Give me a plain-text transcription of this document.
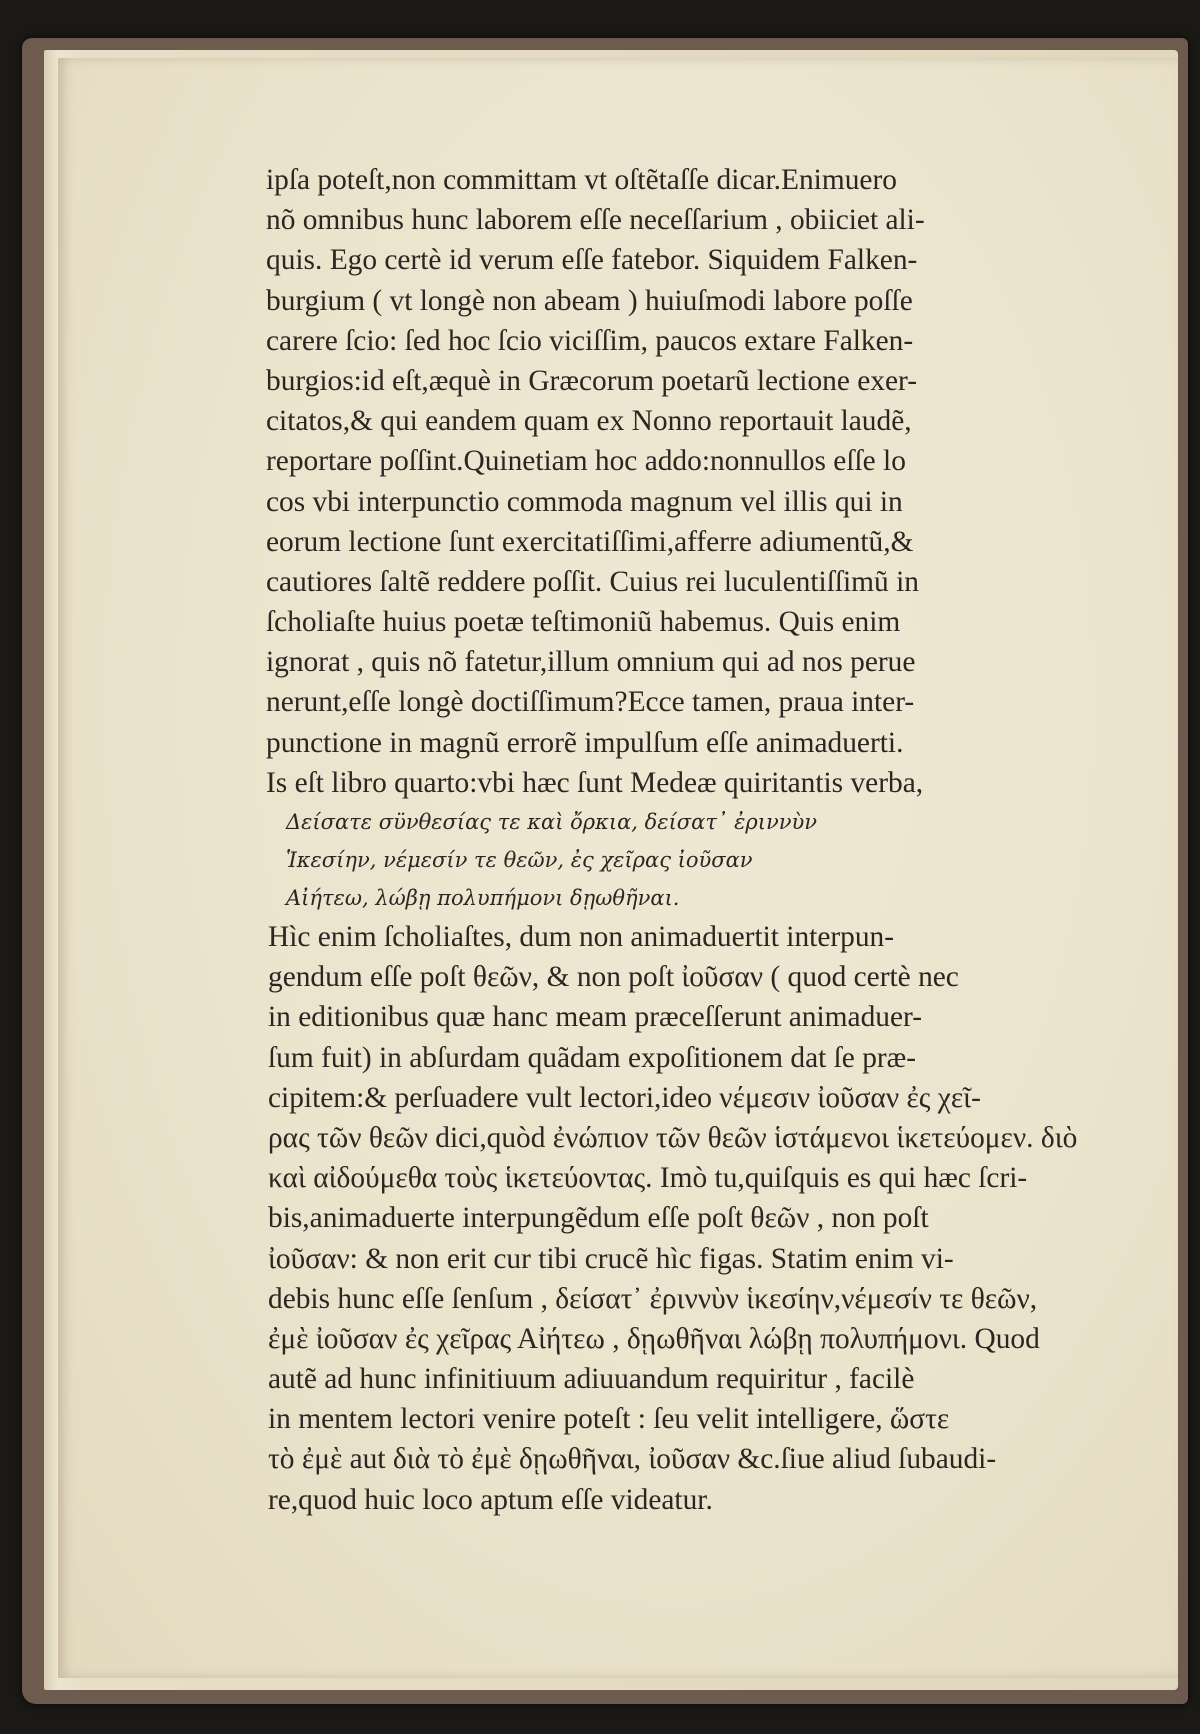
ipſa poteſt,non committam vt oſtẽtaſſe dicar.Enimuero
nõ omnibus hunc laborem eſſe neceſſarium , obiiciet ali-
quis. Ego certè id verum eſſe fatebor. Siquidem Falken-
burgium ( vt longè non abeam ) huiuſmodi labore poſſe
carere ſcio: ſed hoc ſcio viciſſim, paucos extare Falken-
burgios:id eſt,æquè in Græcorum poetarũ lectione exer-
citatos,& qui eandem quam ex Nonno reportauit laudẽ,
reportare poſſint.Quinetiam hoc addo:nonnullos eſſe lo
cos vbi interpunctio commoda magnum vel illis qui in
eorum lectione ſunt exercitatiſſimi,afferre adiumentũ,&
cautiores ſaltẽ reddere poſſit. Cuius rei luculentiſſimũ in
ſcholiaſte huius poetæ teſtimoniũ habemus. Quis enim
ignorat , quis nõ fatetur,illum omnium qui ad nos perue
nerunt,eſſe longè doctiſſimum?Ecce tamen, praua inter-
punctione in magnũ errorẽ impulſum eſſe animaduerti.
Is eſt libro quarto:vbi hæc ſunt Medeæ quiritantis verba,
Δείσατε σϋνθεσίας τε καὶ ὄρκια, δείσατ᾽ ἐριννὺν
Ἱκεσίην, νέμεσίν τε θεῶν, ἐς χεῖρας ἰοῦσαν
Αἰήτεω, λώβῃ πολυπήμονι δῃωθῆναι.
Hìc enim ſcholiaſtes, dum non animaduertit interpun-
gendum eſſe poſt θεῶν, & non poſt ἰοῦσαν ( quod certè nec
in editionibus quæ hanc meam præceſſerunt animaduer-
ſum fuit) in abſurdam quãdam expoſitionem dat ſe præ-
cipitem:& perſuadere vult lectori,ideo νέμεσιν ἰοῦσαν ἐς χεῖ-
ρας τῶν θεῶν dici,quòd ἐνώπιον τῶν θεῶν ἱστάμενοι ἱκετεύομεν. διὸ
καὶ αἰδούμεθα τοὺς ἱκετεύοντας. Imò tu,quiſquis es qui hæc ſcri-
bis,animaduerte interpungẽdum eſſe poſt θεῶν , non poſt
ἰοῦσαν: & non erit cur tibi crucẽ hìc figas. Statim enim vi-
debis hunc eſſe ſenſum , δείσατ᾽ ἐριννὺν ἱκεσίην,νέμεσίν τε θεῶν,
ἐμὲ ἰοῦσαν ἐς χεῖρας Αἰήτεω , δῃωθῆναι λώβῃ πολυπήμονι. Quod
autẽ ad hunc infinitiuum adiuuandum requiritur , facilè
in mentem lectori venire poteſt : ſeu velit intelligere, ὥστε
τὸ ἐμὲ aut διὰ τὸ ἐμὲ δῃωθῆναι, ἰοῦσαν &c.ſiue aliud ſubaudi-
re,quod huic loco aptum eſſe videatur.
